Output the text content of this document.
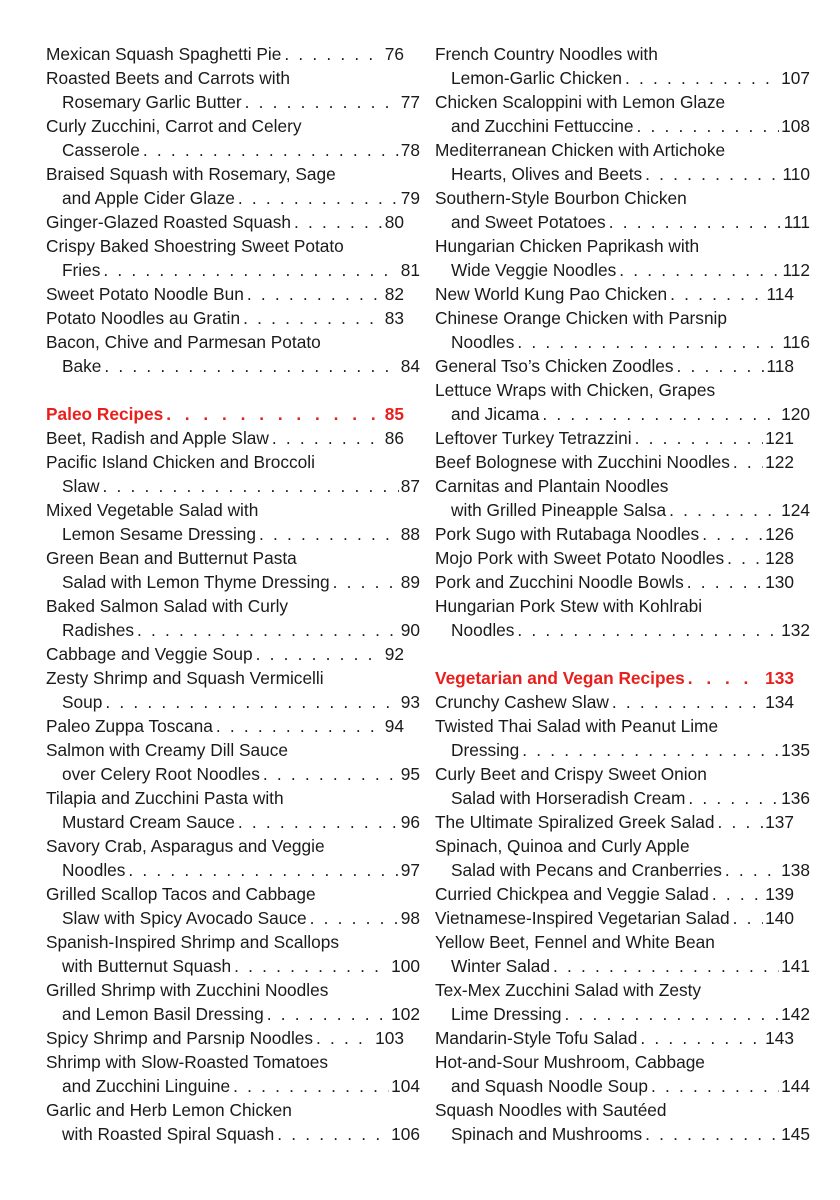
Mexican Squash Spaghetti Pie . . .	76
Roasted Beets and Carrots with
Rosemary Garlic Butter . . .	77
Curly Zucchini, Carrot and Celery
Casserole . . .	78
Braised Squash with Rosemary, Sage
and Apple Cider Glaze . . .	79
Ginger-Glazed Roasted Squash . . .	80
Crispy Baked Shoestring Sweet Potato
Fries . . .	81
Sweet Potato Noodle Bun . . .	82
Potato Noodles au Gratin . . .	83
Bacon, Chive and Parmesan Potato
Bake . . .	84
Paleo Recipes . . .	85
Beet, Radish and Apple Slaw . . .	86
Pacific Island Chicken and Broccoli
Slaw . . .	87
Mixed Vegetable Salad with
Lemon Sesame Dressing . . .	88
Green Bean and Butternut Pasta
Salad with Lemon Thyme Dressing . . .	89
Baked Salmon Salad with Curly
Radishes . . .	90
Cabbage and Veggie Soup . . .	92
Zesty Shrimp and Squash Vermicelli
Soup . . .	93
Paleo Zuppa Toscana . . .	94
Salmon with Creamy Dill Sauce
over Celery Root Noodles . . .	95
Tilapia and Zucchini Pasta with
Mustard Cream Sauce . . .	96
Savory Crab, Asparagus and Veggie
Noodles . . .	97
Grilled Scallop Tacos and Cabbage
Slaw with Spicy Avocado Sauce . . .	98
Spanish-Inspired Shrimp and Scallops
with Butternut Squash . . .	100
Grilled Shrimp with Zucchini Noodles
and Lemon Basil Dressing . . .	102
Spicy Shrimp and Parsnip Noodles . . .	103
Shrimp with Slow-Roasted Tomatoes
and Zucchini Linguine . . .	104
Garlic and Herb Lemon Chicken
with Roasted Spiral Squash . . .	106
French Country Noodles with
Lemon-Garlic Chicken . . .	107
Chicken Scaloppini with Lemon Glaze
and Zucchini Fettuccine . . .	108
Mediterranean Chicken with Artichoke
Hearts, Olives and Beets . . .	110
Southern-Style Bourbon Chicken
and Sweet Potatoes . . .	111
Hungarian Chicken Paprikash with
Wide Veggie Noodles . . .	112
New World Kung Pao Chicken . . .	114
Chinese Orange Chicken with Parsnip
Noodles . . .	116
General Tso’s Chicken Zoodles . . .	118
Lettuce Wraps with Chicken, Grapes
and Jicama . . .	120
Leftover Turkey Tetrazzini . . .	121
Beef Bolognese with Zucchini Noodles . . . 122
Carnitas and Plantain Noodles
with Grilled Pineapple Salsa . . .	124
Pork Sugo with Rutabaga Noodles . . .	126
Mojo Pork with Sweet Potato Noodles . . . 128
Pork and Zucchini Noodle Bowls . . .	130
Hungarian Pork Stew with Kohlrabi
Noodles . . .	132
Vegetarian and Vegan Recipes . . .	133
Crunchy Cashew Slaw . . .	134
Twisted Thai Salad with Peanut Lime
Dressing . . .	135
Curly Beet and Crispy Sweet Onion
Salad with Horseradish Cream . . .	136
The Ultimate Spiralized Greek Salad . . .	137
Spinach, Quinoa and Curly Apple
Salad with Pecans and Cranberries . . .	138
Curried Chickpea and Veggie Salad . . .	139
Vietnamese-Inspired Vegetarian Salad . . . 140
Yellow Beet, Fennel and White Bean
Winter Salad . . .	141
Tex-Mex Zucchini Salad with Zesty
Lime Dressing . . .	142
Mandarin-Style Tofu Salad . . .	143
Hot-and-Sour Mushroom, Cabbage
and Squash Noodle Soup . . .	144
Squash Noodles with Sautéed
Spinach and Mushrooms . . .	145
